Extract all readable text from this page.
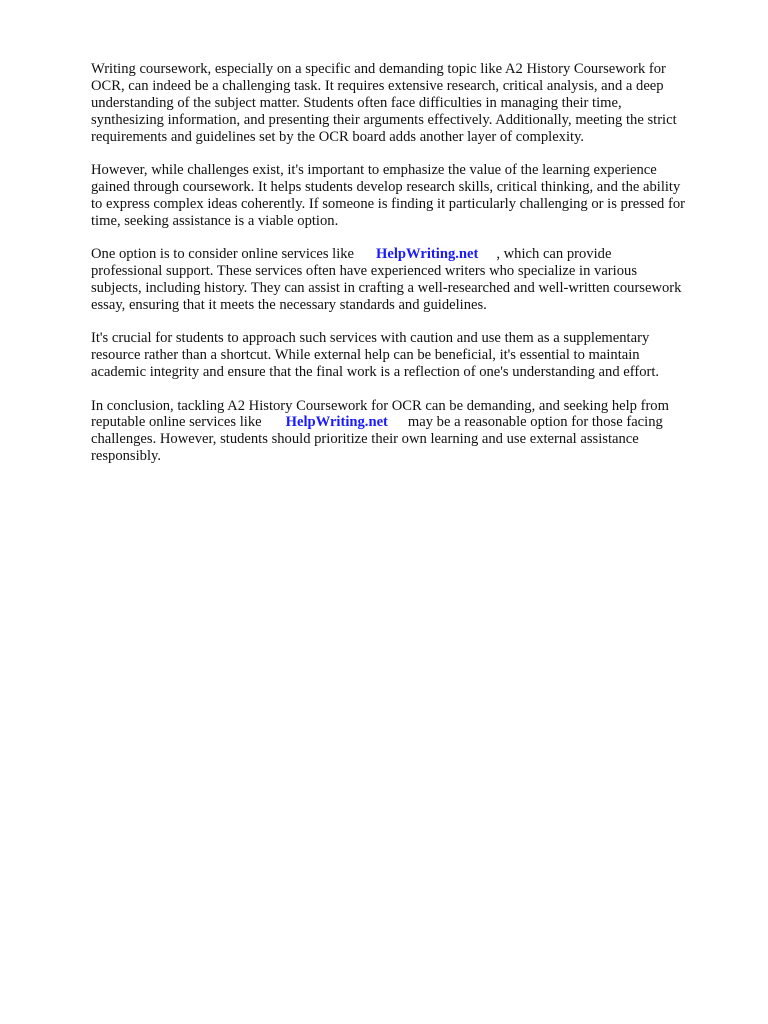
Writing coursework, especially on a specific and demanding topic like A2 History Coursework for
OCR, can indeed be a challenging task. It requires extensive research, critical analysis, and a deep
understanding of the subject matter. Students often face difficulties in managing their time,
synthesizing information, and presenting their arguments effectively. Additionally, meeting the strict
requirements and guidelines set by the OCR board adds another layer of complexity.

However, while challenges exist, it's important to emphasize the value of the learning experience
gained through coursework. It helps students develop research skills, critical thinking, and the ability
to express complex ideas coherently. If someone is finding it particularly challenging or is pressed for
time, seeking assistance is a viable option.

One option is to consider online services like HelpWriting.net , which can provide
professional support. These services often have experienced writers who specialize in various
subjects, including history. They can assist in crafting a well-researched and well-written coursework
essay, ensuring that it meets the necessary standards and guidelines.

It's crucial for students to approach such services with caution and use them as a supplementary
resource rather than a shortcut. While external help can be beneficial, it's essential to maintain
academic integrity and ensure that the final work is a reflection of one's understanding and effort.

In conclusion, tackling A2 History Coursework for OCR can be demanding, and seeking help from
reputable online services like HelpWriting.net may be a reasonable option for those facing
challenges. However, students should prioritize their own learning and use external assistance
responsibly.
